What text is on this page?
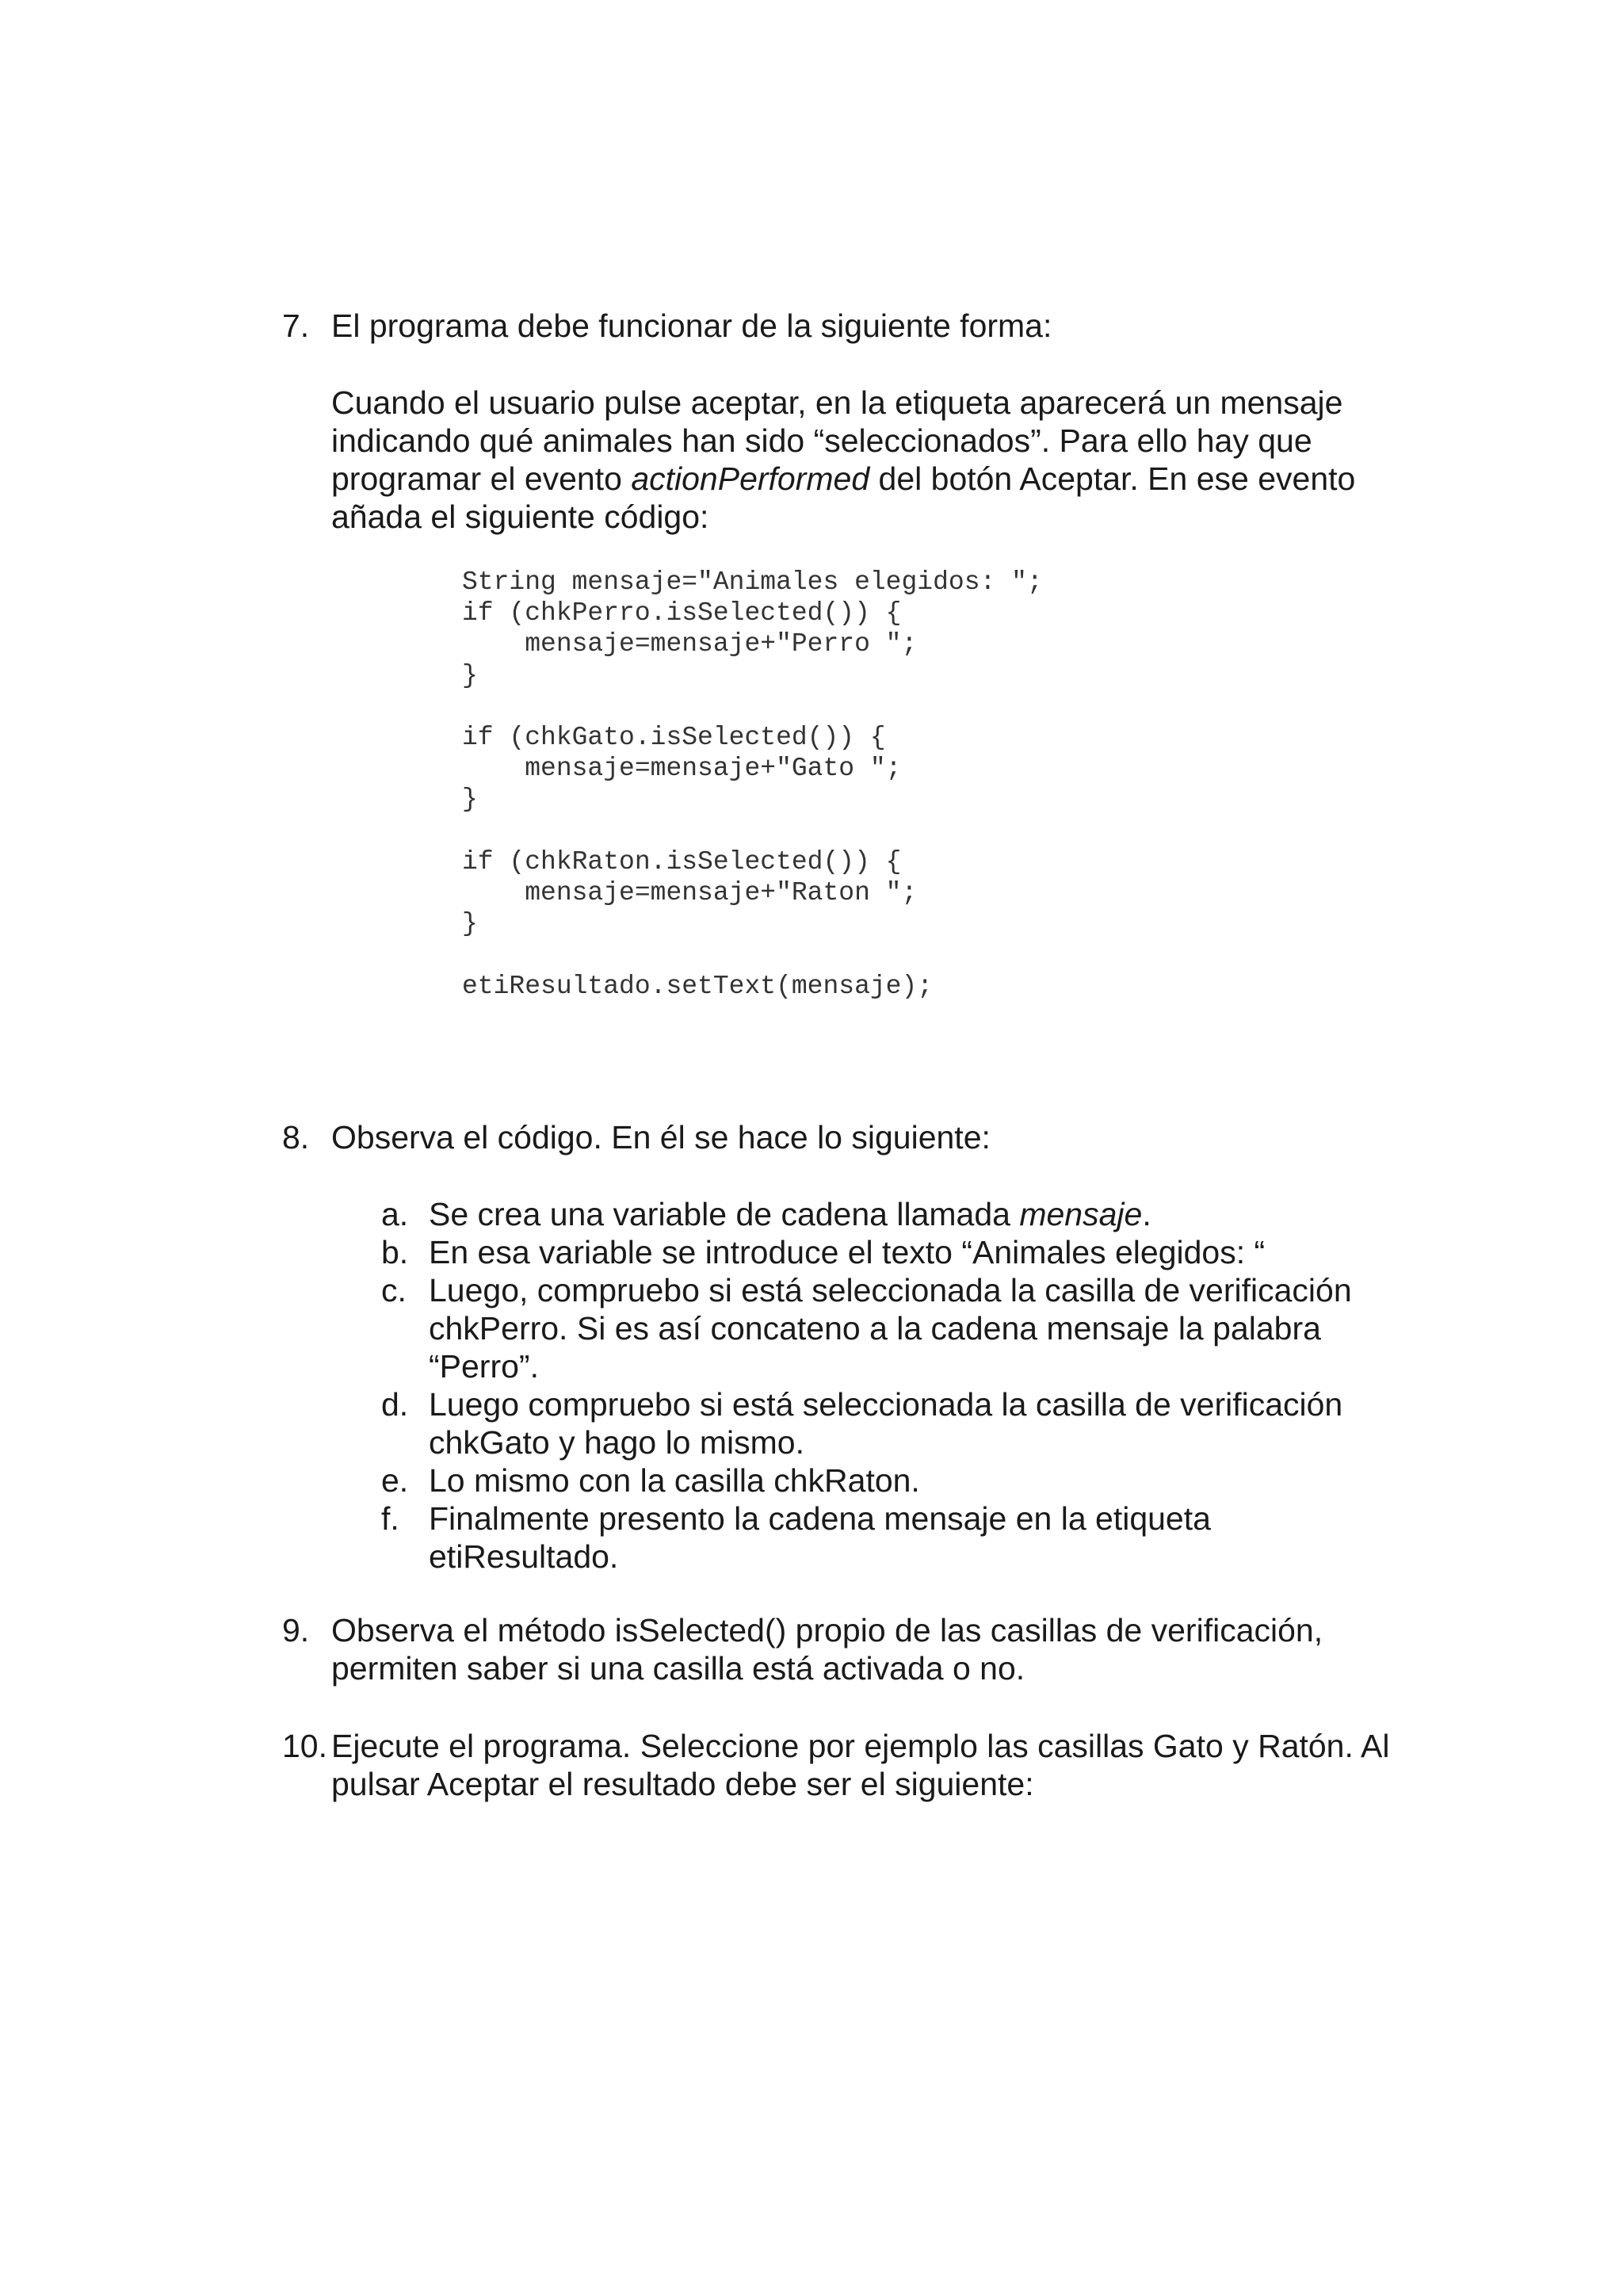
7. El programa debe funcionar de la siguiente forma:
Cuando el usuario pulse aceptar, en la etiqueta aparecerá un mensaje indicando qué animales han sido “seleccionados”. Para ello hay que programar el evento actionPerformed del botón Aceptar. En ese evento añada el siguiente código:
String mensaje="Animales elegidos: ";
if (chkPerro.isSelected()) {
mensaje=mensaje+"Perro ";
}
if (chkGato.isSelected()) {
mensaje=mensaje+"Gato ";
}
if (chkRaton.isSelected()) {
mensaje=mensaje+"Raton ";
}
etiResultado.setText(mensaje);
8. Observa el código. En él se hace lo siguiente:
a. Se crea una variable de cadena llamada mensaje.
b. En esa variable se introduce el texto “Animales elegidos: “
c. Luego, compruebo si está seleccionada la casilla de verificación chkPerro. Si es así concateno a la cadena mensaje la palabra “Perro”.
d. Luego compruebo si está seleccionada la casilla de verificación chkGato y hago lo mismo.
e. Lo mismo con la casilla chkRaton.
f. Finalmente presento la cadena mensaje en la etiqueta etiResultado.
9. Observa el método isSelected() propio de las casillas de verificación, permiten saber si una casilla está activada o no.
10. Ejecute el programa. Seleccione por ejemplo las casillas Gato y Ratón. Al pulsar Aceptar el resultado debe ser el siguiente:
